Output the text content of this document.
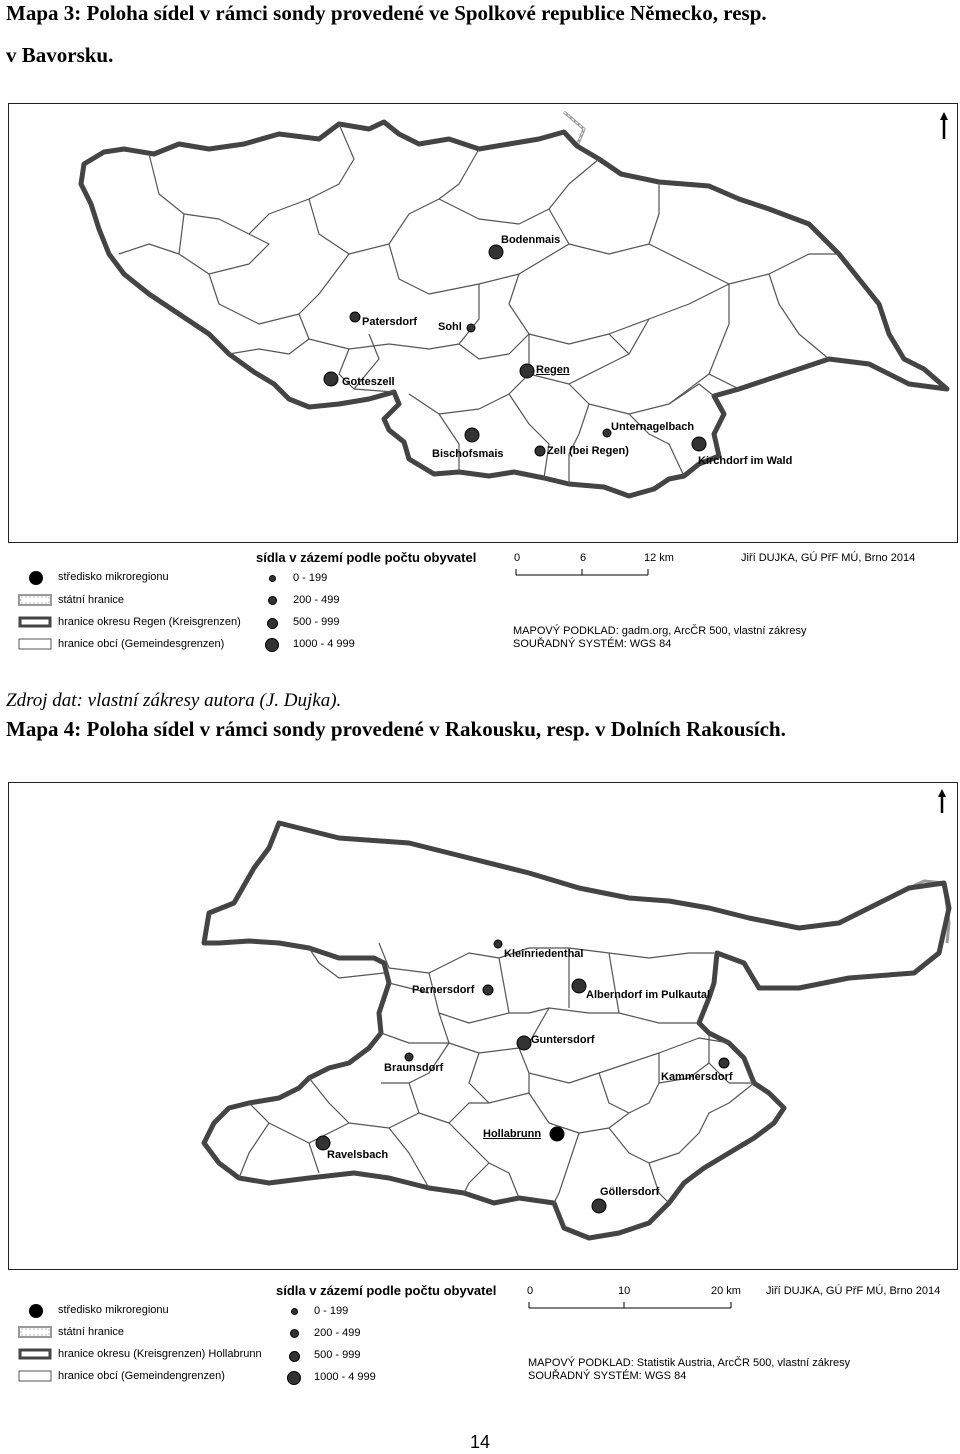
Mapa 3: Poloha sídel v rámci sondy provedené ve Spolkové republice Německo, resp.
v Bavorsku.
Bodenmais
Patersdorf Sohl
Regen
Gotteszell
Unternagelbach
Kirchdorf im Wald
Bischofsmais	Zell (bei Regen)
středisko mikroregionu
státní hranice
hranice okresu Regen (Kreisgrenzen)
hranice obcí (Gemeindesgrenzen)
sídla v zázemí podle počtu obyvatel
0 - 199
200 - 499
500 - 999
1000 - 4 999
0	6	12 km	Jiří DUJKA, GÚ PřF MÚ, Brno 2014
MAPOVÝ PODKLAD: gadm.org, ArcČR 500, vlastní zákresy
SOUŘADNÝ SYSTÉM: WGS 84
Zdroj dat: vlastní zákresy autora (J. Dujka).
Mapa 4: Poloha sídel v rámci sondy provedené v Rakousku, resp. v Dolních Rakousích.
Kleinriedenthal
Pernersdorf	Alberndorf im Pulkautal
Guntersdorf
Braunsdorf
Kammersdorf
Hollabrunn
Ravelsbach
Göllersdorf
středisko mikroregionu
státní hranice
hranice okresu (Kreisgrenzen) Hollabrunn
hranice obcí (Gemeindengrenzen)
sídla v zázemí podle počtu obyvatel
0 - 199
200 - 499
500 - 999
1000 - 4 999
0	10	20 km Jiří DUJKA, GÚ PřF MÚ, Brno 2014
MAPOVÝ PODKLAD: Statistik Austria, ArcČR 500, vlastní zákresy
SOUŘADNÝ SYSTÉM: WGS 84
14
